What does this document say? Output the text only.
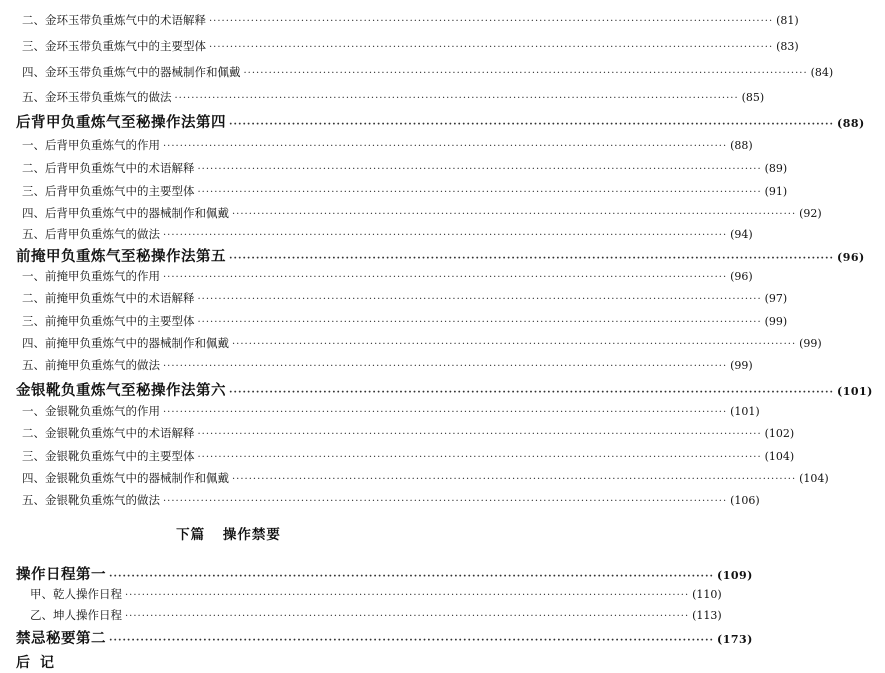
二、金环玉带负重炼气中的术语解释 ·····	(81)
三、金环玉带负重炼气中的主要型体 ·····	(83)
四、金环玉带负重炼气中的器械制作和佩戴 ·····	(84)
五、金环玉带负重炼气的做法 ·····	(85)
后背甲负重炼气至秘操作法第四 ·····	(88)
一、后背甲负重炼气的作用 ·····	(88)
二、后背甲负重炼气中的术语解释 ·····	(89)
三、后背甲负重炼气中的主要型体 ·····	(91)
四、后背甲负重炼气中的器械制作和佩戴 ·····	(92)
五、后背甲负重炼气的做法 ·····	(94)
前掩甲负重炼气至秘操作法第五 ·····	(96)
一、前掩甲负重炼气的作用 ·····	(96)
二、前掩甲负重炼气中的术语解释 ·····	(97)
三、前掩甲负重炼气中的主要型体 ·····	(99)
四、前掩甲负重炼气中的器械制作和佩戴 ·····	(99)
五、前掩甲负重炼气的做法 ·····	(99)
金银靴负重炼气至秘操作法第六 ·····	(101)
一、金银靴负重炼气的作用 ·····	(101)
二、金银靴负重炼气中的术语解释 ·····	(102)
三、金银靴负重炼气中的主要型体 ·····	(104)
四、金银靴负重炼气中的器械制作和佩戴 ·····	(104)
五、金银靴负重炼气的做法 ·····	(106)
下篇 操作禁要
操作日程第一 ·····	(109)
甲、乾人操作日程 ·····	(110)
乙、坤人操作日程 ·····	(113)
禁忌秘要第二 ·····	(173)
后记
